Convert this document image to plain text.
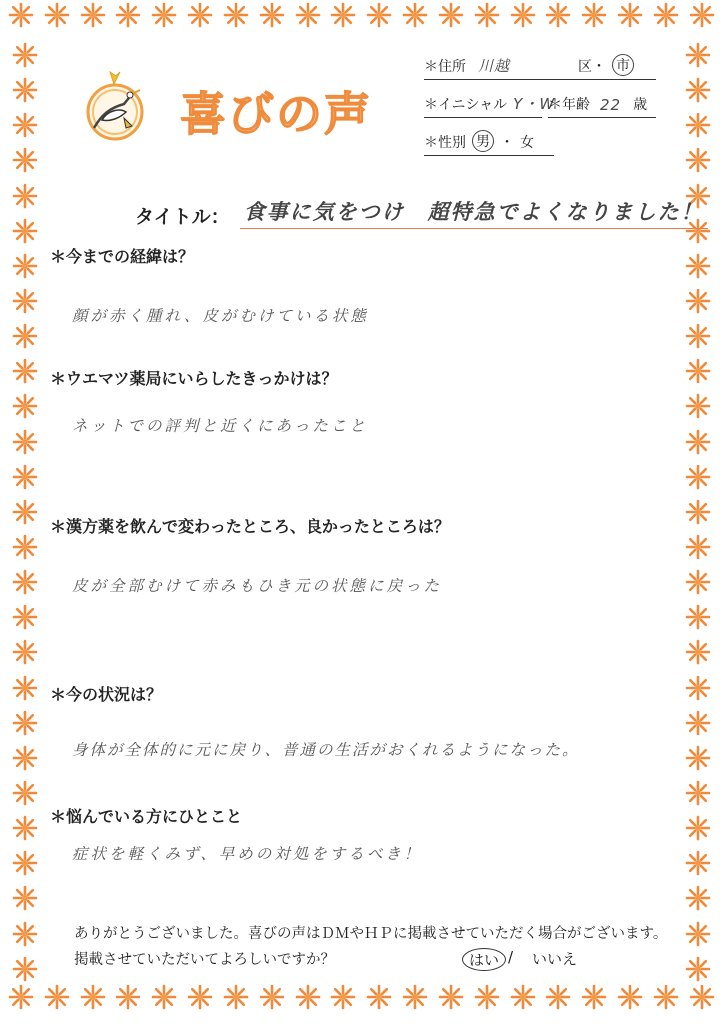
喜びの声
＊住所 川越	区・ 市
＊イニシャル Y・W
＊年齢 22 歳
＊性別 男 ・ 女
タイトル： 食事に気をつけ　超特急でよくなりました！
＊今までの経緯は？
顔が赤く腫れ、皮がむけている状態
＊ウエマツ薬局にいらしたきっかけは？
ネットでの評判と近くにあったこと
＊漢方薬を飲んで変わったところ、良かったところは？
皮が全部むけて赤みもひき元の状態に戻った
＊今の状況は？
身体が全体的に元に戻り、普通の生活がおくれるようになった。
＊悩んでいる方にひとこと
症状を軽くみず、早めの対処をするべき！
ありがとうございました。喜びの声はＤＭやＨＰに掲載させていただく場合がございます。
掲載させていただいてよろしいですか？	はい / いいえ
